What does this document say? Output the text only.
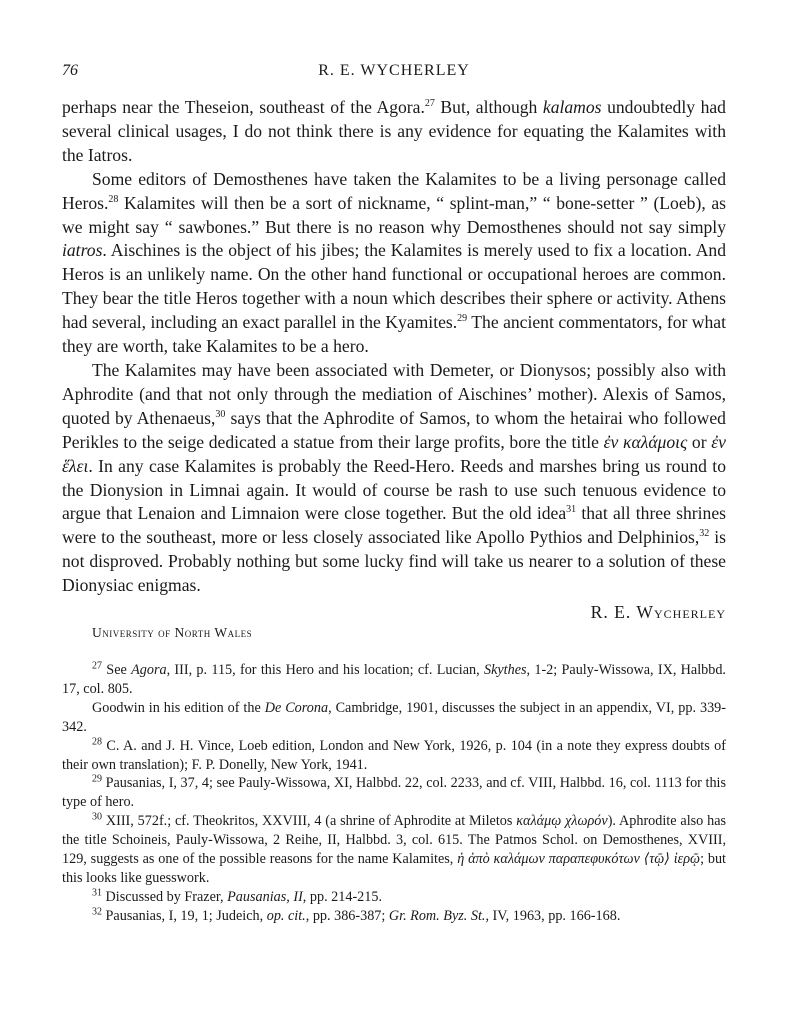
76	R. E. WYCHERLEY

perhaps near the Theseion, southeast of the Agora.$^{27}$ But, although kalamos undoubtedly had several clinical usages, I do not think there is any evidence for equating the Kalamites with the Iatros.

Some editors of Demosthenes have taken the Kalamites to be a living personage called Heros.$^{28}$ Kalamites will then be a sort of nickname, “ splint-man,” “ bone-setter ” (Loeb), as we might say “ sawbones.” But there is no reason why Demosthenes should not say simply iatros. Aischines is the object of his jibes; the Kalamites is merely used to fix a location. And Heros is an unlikely name. On the other hand functional or occupational heroes are common. They bear the title Heros together with a noun which describes their sphere or activity. Athens had several, including an exact parallel in the Kyamites.$^{29}$ The ancient commentators, for what they are worth, take Kalamites to be a hero.

The Kalamites may have been associated with Demeter, or Dionysos; possibly also with Aphrodite (and that not only through the mediation of Aischines’ mother). Alexis of Samos, quoted by Athenaeus,$^{30}$ says that the Aphrodite of Samos, to whom the hetairai who followed Perikles to the seige dedicated a statue from their large profits, bore the title ἐν καλάμοις or ἐν ἕλει. In any case Kalamites is probably the Reed-Hero. Reeds and marshes bring us round to the Dionysion in Limnai again. It would of course be rash to use such tenuous evidence to argue that Lenaion and Limnaion were close together. But the old idea$^{31}$ that all three shrines were to the southeast, more or less closely associated like Apollo Pythios and Delphinios,$^{32}$ is not disproved. Probably nothing but some lucky find will take us nearer to a solution of these Dionysiac enigmas.

R. E. Wycherley
University of North Wales

$^{27}$ See Agora, III, p. 115, for this Hero and his location; cf. Lucian, Skythes, 1-2; Pauly-Wissowa, IX, Halbbd. 17, col. 805.

Goodwin in his edition of the De Corona, Cambridge, 1901, discusses the subject in an appendix, VI, pp. 339-342.

$^{28}$ C. A. and J. H. Vince, Loeb edition, London and New York, 1926, p. 104 (in a note they express doubts of their own translation); F. P. Donelly, New York, 1941.

$^{29}$ Pausanias, I, 37, 4; see Pauly-Wissowa, XI, Halbbd. 22, col. 2233, and cf. VIII, Halbbd. 16, col. 1113 for this type of hero.

$^{30}$ XIII, 572f.; cf. Theokritos, XXVIII, 4 (a shrine of Aphrodite at Miletos καλάμῳ χλωρόν). Aphrodite also has the title Schoineis, Pauly-Wissowa, 2 Reihe, II, Halbbd. 3, col. 615. The Patmos Schol. on Demosthenes, XVIII, 129, suggests as one of the possible reasons for the name Kalamites, ἡ ἀπὸ καλάμων παραπεφυκότων ⟨τῷ⟩ ἱερῷ; but this looks like guesswork.

$^{31}$ Discussed by Frazer, Pausanias, II, pp. 214-215.

$^{32}$ Pausanias, I, 19, 1; Judeich, op. cit., pp. 386-387; Gr. Rom. Byz. St., IV, 1963, pp. 166-168.
